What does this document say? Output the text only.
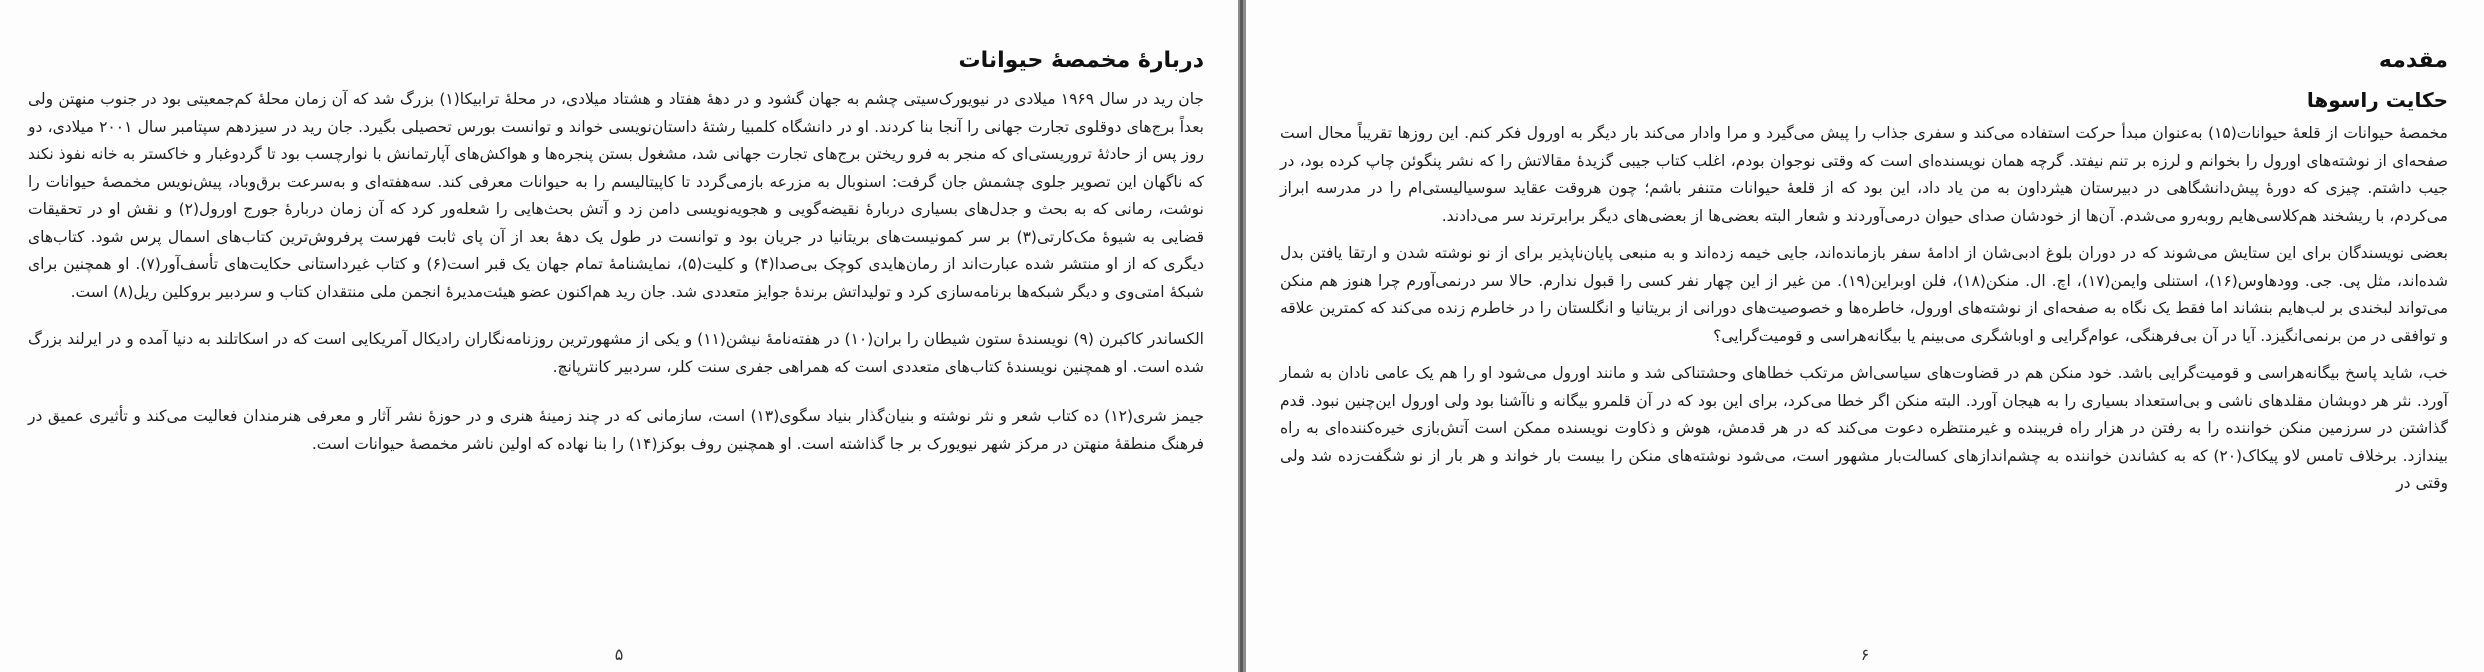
دربارهٔ مخمصهٔ حیوانات

جان رید در سال ۱۹۶۹ میلادی در نیویورک‌سیتی چشم به جهان گشود و در دههٔ هفتاد و هشتاد میلادی، در محلهٔ ترابیکا(۱) بزرگ شد که آن زمان محلهٔ کم‌جمعیتی بود در جنوب منهتن ولی بعداً برج‌های دوقلوی تجارت جهانی را آنجا بنا کردند. او در دانشگاه کلمبیا رشتهٔ داستان‌نویسی خواند و توانست بورس تحصیلی بگیرد. جان رید در سیزدهم سپتامبر سال ۲۰۰۱ میلادی، دو روز پس از حادثهٔ تروریستی‌ای که منجر به فرو ریختن برج‌های تجارت جهانی شد، مشغول بستن پنجره‌ها و هواکش‌های آپارتمانش با نوارچسب بود تا گردوغبار و خاکستر به خانه نفوذ نکند که ناگهان این تصویر جلوی چشمش جان گرفت: اسنوبال به مزرعه بازمی‌گردد تا کاپیتالیسم را به حیوانات معرفی کند. سه‌هفته‌ای و به‌سرعت برق‌وباد، پیش‌نویس مخمصهٔ حیوانات را نوشت، رمانی که به بحث و جدل‌های بسیاری دربارهٔ نقیضه‌گویی و هجویه‌نویسی دامن زد و آتش بحث‌هایی را شعله‌ور کرد که آن زمان دربارهٔ جورج اورول(۲) و نقش او در تحقیقات قضایی به شیوهٔ مک‌کارتی(۳) بر سر کمونیست‌های بریتانیا در جریان بود و توانست در طول یک دههٔ بعد از آن پای ثابت فهرست پرفروش‌ترین کتاب‌های اسمال پرس شود. کتاب‌های دیگری که از او منتشر شده عبارت‌اند از رمان‌هایدی کوچک بی‌صدا(۴) و کلیت(۵)، نمایشنامهٔ تمام جهان یک قبر است(۶) و کتاب غیرداستانی حکایت‌های تأسف‌آور(۷). او همچنین برای شبکهٔ امتی‌وی و دیگر شبکه‌ها برنامه‌سازی کرد و تولیداتش برندهٔ جوایز متعددی شد. جان رید هم‌اکنون عضو هیئت‌مدیرهٔ انجمن ملی منتقدان کتاب و سردبیر بروکلین ریل(۸) است.

الکساندر کاکبرن (۹) نویسندهٔ ستون شیطان را بران(۱۰) در هفته‌نامهٔ نیشن(۱۱) و یکی از مشهورترین روزنامه‌نگاران رادیکال آمریکایی است که در اسکاتلند به دنیا آمده و در ایرلند بزرگ شده است. او همچنین نویسندهٔ کتاب‌های متعددی است که همراهی جفری سنت کلر، سردبیر کانترپانچ.

جیمز شری(۱۲) ده کتاب شعر و نثر نوشته و بنیان‌گذار بنیاد سگوی(۱۳) است، سازمانی که در چند زمینهٔ هنری و در حوزهٔ نشر آثار و معرفی هنرمندان فعالیت می‌کند و تأثیری عمیق در فرهنگ منطقهٔ منهتن در مرکز شهر نیویورک بر جا گذاشته است. او همچنین روف بوکز(۱۴) را بنا نهاده که اولین ناشر مخمصهٔ حیوانات است.

۵
مقدمه
حکایت راسوها

مخمصهٔ حیوانات از قلعهٔ حیوانات(۱۵) به‌عنوان مبدأ حرکت استفاده می‌کند و سفری جذاب را پیش می‌گیرد و مرا وادار می‌کند بار دیگر به اورول فکر کنم. این روزها تقریباً محال است صفحه‌ای از نوشته‌های اورول را بخوانم و لرزه بر تنم نیفتد. گرچه همان نویسنده‌ای است که وقتی نوجوان بودم، اغلب کتاب جیبی گزیدهٔ مقالاتش را که نشر پنگوئن چاپ کرده بود، در جیب داشتم. چیزی که دورهٔ پیش‌دانشگاهی در دبیرستان هیثرداون به من یاد داد، این بود که از قلعهٔ حیوانات متنفر باشم؛ چون هروقت عقاید سوسیالیستی‌ام را در مدرسه ابراز می‌کردم، با ریشخند هم‌کلاسی‌هایم روبه‌رو می‌شدم. آن‌ها از خودشان صدای حیوان درمی‌آوردند و شعار البته بعضی‌ها از بعضی‌های دیگر برابرترند سر می‌دادند.

بعضی نویسندگان برای این ستایش می‌شوند که در دوران بلوغ ادبی‌شان از ادامهٔ سفر بازمانده‌اند، جایی خیمه زده‌اند و به منبعی پایان‌ناپذیر برای از نو نوشته شدن و ارتقا یافتن بدل شده‌اند، مثل پی. جی. وودهاوس(۱۶)، استنلی وایمن(۱۷)، اچ. ال. منکن(۱۸)، فلن اوبراین(۱۹). من غیر از این چهار نفر کسی را قبول ندارم. حالا سر درنمی‌آورم چرا هنوز هم منکن می‌تواند لبخندی بر لب‌هایم بنشاند اما فقط یک نگاه به صفحه‌ای از نوشته‌های اورول، خاطره‌ها و خصوصیت‌های دورانی از بریتانیا و انگلستان را در خاطرم زنده می‌کند که کمترین علاقه و توافقی در من برنمی‌انگیزد. آیا در آن بی‌فرهنگی، عوام‌گرایی و اوباشگری می‌بینم یا بیگانه‌هراسی و قومیت‌گرایی؟

خب، شاید پاسخ بیگانه‌هراسی و قومیت‌گرایی باشد. خود منکن هم در قضاوت‌های سیاسی‌اش مرتکب خطاهای وحشتناکی شد و مانند اورول می‌شود او را هم یک عامی نادان به شمار آورد. نثر هر دوبشان مقلدهای ناشی و بی‌استعداد بسیاری را به هیجان آورد. البته منکن اگر خطا می‌کرد، برای این بود که در آن قلمرو بیگانه و ناآشنا بود ولی اورول این‌چنین نبود. قدم گذاشتن در سرزمین منکن خواننده را به رفتن در هزار راه فریبنده و غیرمنتظره دعوت می‌کند که در هر قدمش، هوش و ذکاوت نویسنده ممکن است آتش‌بازی خیره‌کننده‌ای به راه بیندازد. برخلاف تامس لاو پیکاک(۲۰) که به کشاندن خواننده به چشم‌اندازهای کسالت‌بار مشهور است، می‌شود نوشته‌های منکن را بیست بار خواند و هر بار از نو شگفت‌زده شد ولی وقتی در

۶
